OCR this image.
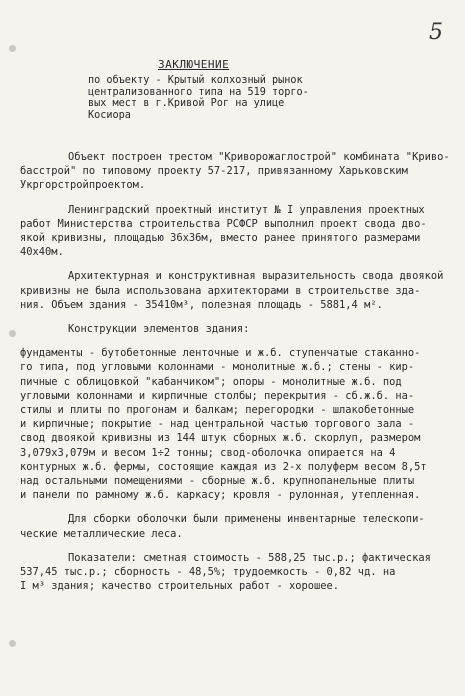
5
ЗАКЛЮЧЕНИЕ
по объекту - Крытый колхозный рынок
централизованного типа на 519 торго-
вых мест в г.Кривой Рог на улице
Косиора

Объект построен трестом "Криворожаглострой" комбината "Криво-
басстрой" по типовому проекту 57-217, привязанному Харьковским
Укргорстройпроектом.

Ленинградский проектный институт № I управления проектных
работ Министерства строительства РСФСР выполнил проект свода дво-
якой кривизны, площадью 36х36м, вместо ранее принятого размерами
40х40м.

Архитектурная и конструктивная выразительность свода двоякой
кривизны не была использована архитекторами в строительстве зда-
ния. Объем здания - 35410м³, полезная площадь - 5881,4 м².

Конструкции элементов здания:

фундаменты - бутобетонные ленточные и ж.б. ступенчатые стаканно-
го типа, под угловыми колоннами - монолитные ж.б.; стены - кир-
пичные с облицовкой "кабанчиком"; опоры - монолитные ж.б. под
угловыми колоннами и кирпичные столбы; перекрытия - сб.ж.б. на-
стилы и плиты по прогонам и балкам; перегородки - шлакобетонные
и кирпичные; покрытие - над центральной частью торгового зала -
свод двоякой кривизны из 144 штук сборных ж.б. скорлуп, размером
3,079х3,079м и весом 1÷2 тонны; свод-оболочка опирается на 4
контурных ж.б. фермы, состоящие каждая из 2-х полуферм весом 8,5т
над остальными помещениями - сборные ж.б. крупнопанельные плиты
и панели по рамному ж.б. каркасу; кровля - рулонная, утепленная.

Для сборки оболочки были применены инвентарные телескопи-
ческие металлические леса.

Показатели: сметная стоимость - 588,25 тыс.р.; фактическая
537,45 тыс.р.; сборность - 48,5%; трудоемкость - 0,82 чд. на
I м³ здания; качество строительных работ - хорошее.
